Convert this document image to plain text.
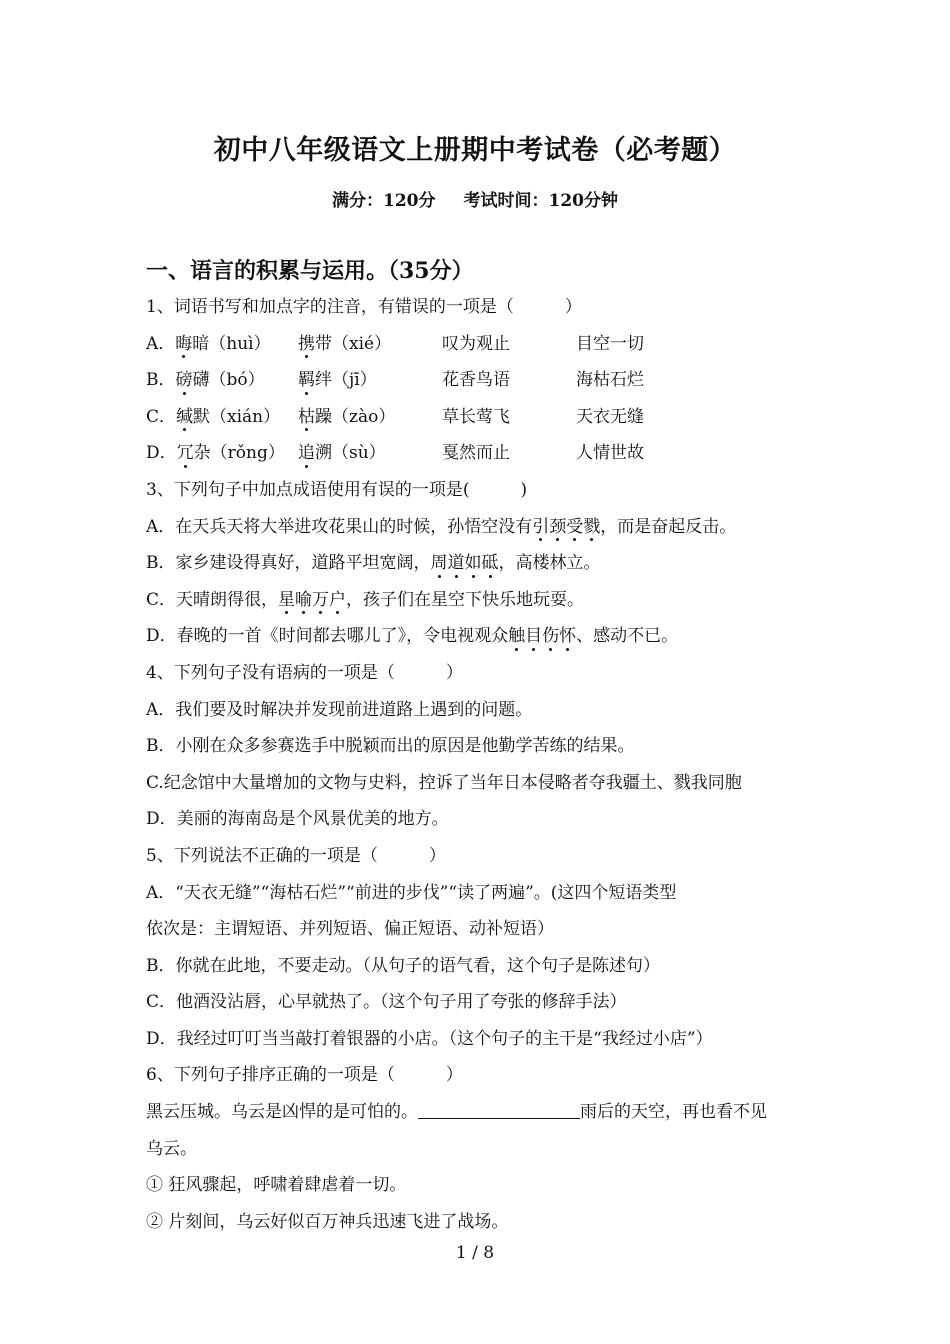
初中八年级语文上册期中考试卷（必考题）
满分：120分 考试时间：120分钟
一、语言的积累与运用。（35分）
1、词语书写和加点字的注音，有错误的一项是（　　　）
A．晦暗（huì） 携带（xié）	叹为观止	目空一切
B．磅礴（bó） 羁绊（jī）	花香鸟语	海枯石烂
C．缄默（xián） 枯躁（zào）	草长莺飞	天衣无缝
D．冗杂（rǒng） 追溯（sù）	戛然而止	人情世故
3、下列句子中加点成语使用有误的一项是(　　　)
A．在天兵天将大举进攻花果山的时候，孙悟空没有引颈受戮，而是奋起反击。
B．家乡建设得真好，道路平坦宽阔，周道如砥，高楼林立。
C．天晴朗得很，星喻万户，孩子们在星空下快乐地玩耍。
D．春晚的一首《时间都去哪儿了》，令电视观众触目伤怀、感动不已。
4、下列句子没有语病的一项是（　　　）
A．我们要及时解决并发现前进道路上遇到的问题。
B．小刚在众多参赛选手中脱颖而出的原因是他勤学苦练的结果。
C.纪念馆中大量增加的文物与史料，控诉了当年日本侵略者夺我疆土、戮我同胞
D．美丽的海南岛是个风景优美的地方。
5、下列说法不正确的一项是（　　　）
A．“天衣无缝”“海枯石烂”“前进的步伐”“读了两遍”。(这四个短语类型
依次是：主谓短语、并列短语、偏正短语、动补短语）
B．你就在此地，不要走动。（从句子的语气看，这个句子是陈述句）
C．他酒没沾唇，心早就热了。（这个句子用了夸张的修辞手法）
D．我经过叮叮当当敲打着银器的小店。（这个句子的主干是“我经过小店”）
6、下列句子排序正确的一项是（　　　）
黑云压城。乌云是凶悍的是可怕的。	雨后的天空，再也看不见
乌云。
① 狂风骤起，呼啸着肆虐着一切。
② 片刻间，乌云好似百万神兵迅速飞进了战场。
1 / 8
